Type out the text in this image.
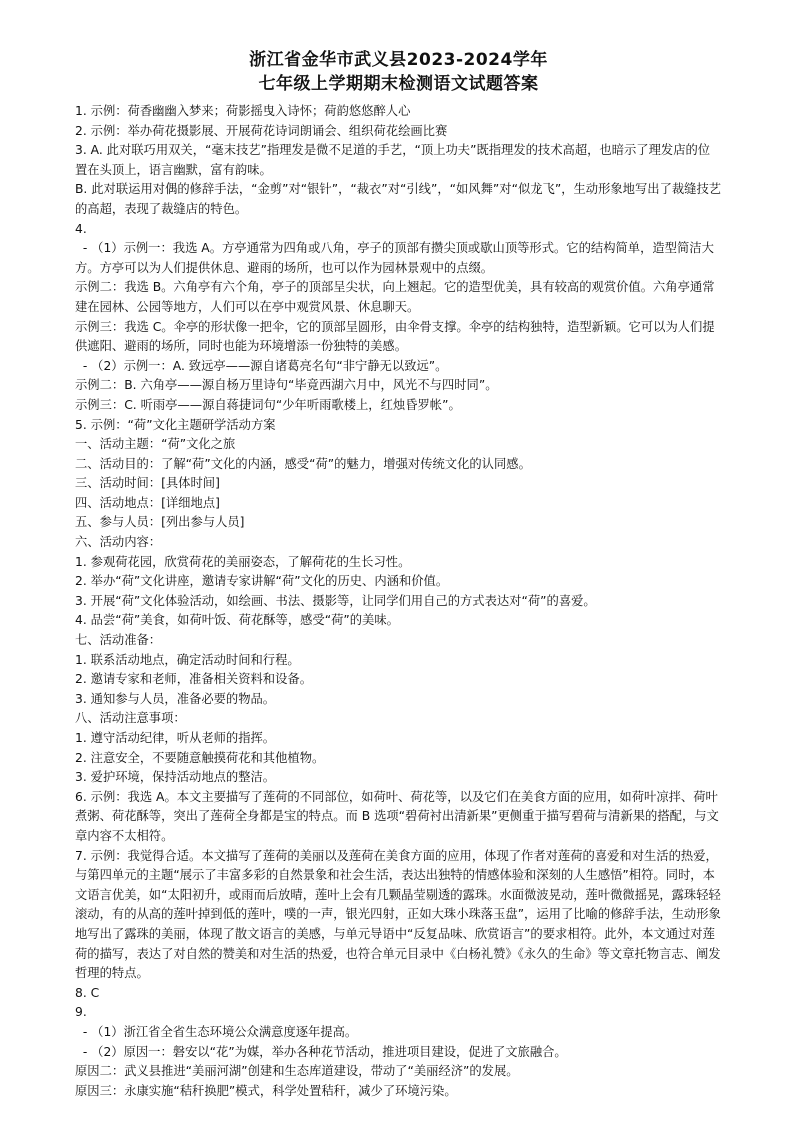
浙江省金华市武义县2023-2024学年
七年级上学期期末检测语文试题答案
1. 示例：荷香幽幽入梦来；荷影摇曳入诗怀；荷韵悠悠醉人心
2. 示例：举办荷花摄影展、开展荷花诗词朗诵会、组织荷花绘画比赛
3. A. 此对联巧用双关，“毫末技艺”指理发是微不足道的手艺，“顶上功夫”既指理发的技术高超，也暗示了理发店的位置在头顶上，语言幽默，富有韵味。
B. 此对联运用对偶的修辞手法，“金剪”对“银针”，“裁衣”对“引线”，“如风舞”对“似龙飞”，生动形象地写出了裁缝技艺的高超，表现了裁缝店的特色。
4.
- （1）示例一：我选 A。方亭通常为四角或八角，亭子的顶部有攒尖顶或歇山顶等形式。它的结构简单，造型简洁大方。方亭可以为人们提供休息、避雨的场所，也可以作为园林景观中的点缀。
示例二：我选 B。六角亭有六个角，亭子的顶部呈尖状，向上翘起。它的造型优美，具有较高的观赏价值。六角亭通常建在园林、公园等地方，人们可以在亭中观赏风景、休息聊天。
示例三：我选 C。伞亭的形状像一把伞，它的顶部呈圆形，由伞骨支撑。伞亭的结构独特，造型新颖。它可以为人们提供遮阳、避雨的场所，同时也能为环境增添一份独特的美感。
- （2）示例一：A. 致远亭——源自诸葛亮名句“非宁静无以致远”。
示例二：B. 六角亭——源自杨万里诗句“毕竟西湖六月中，风光不与四时同”。
示例三：C. 听雨亭——源自蒋捷词句“少年听雨歌楼上，红烛昏罗帐”。
5. 示例：“荷”文化主题研学活动方案
一、活动主题：“荷”文化之旅
二、活动目的：了解“荷”文化的内涵，感受“荷”的魅力，增强对传统文化的认同感。
三、活动时间：[具体时间]
四、活动地点：[详细地点]
五、参与人员：[列出参与人员]
六、活动内容：
1. 参观荷花园，欣赏荷花的美丽姿态，了解荷花的生长习性。
2. 举办“荷”文化讲座，邀请专家讲解“荷”文化的历史、内涵和价值。
3. 开展“荷”文化体验活动，如绘画、书法、摄影等，让同学们用自己的方式表达对“荷”的喜爱。
4. 品尝“荷”美食，如荷叶饭、荷花酥等，感受“荷”的美味。
七、活动准备：
1. 联系活动地点，确定活动时间和行程。
2. 邀请专家和老师，准备相关资料和设备。
3. 通知参与人员，准备必要的物品。
八、活动注意事项：
1. 遵守活动纪律，听从老师的指挥。
2. 注意安全，不要随意触摸荷花和其他植物。
3. 爱护环境，保持活动地点的整洁。
6. 示例：我选 A。本文主要描写了莲荷的不同部位，如荷叶、荷花等，以及它们在美食方面的应用，如荷叶凉拌、荷叶煮粥、荷花酥等，突出了莲荷全身都是宝的特点。而 B 选项“碧荷衬出清新果”更侧重于描写碧荷与清新果的搭配，与文章内容不太相符。
7. 示例：我觉得合适。本文描写了莲荷的美丽以及莲荷在美食方面的应用，体现了作者对莲荷的喜爱和对生活的热爱，与第四单元的主题“展示了丰富多彩的自然景象和社会生活，表达出独特的情感体验和深刻的人生感悟”相符。同时，本文语言优美，如“太阳初升，或雨而后放晴，莲叶上会有几颗晶莹剔透的露珠。水面微波晃动，莲叶微微摇晃，露珠轻轻滚动，有的从高的莲叶掉到低的莲叶，噗的一声，银光四射，正如大珠小珠落玉盘”，运用了比喻的修辞手法，生动形象地写出了露珠的美丽，体现了散文语言的美感，与单元导语中“反复品味、欣赏语言”的要求相符。此外，本文通过对莲荷的描写，表达了对自然的赞美和对生活的热爱，也符合单元目录中《白杨礼赞》《永久的生命》等文章托物言志、阐发哲理的特点。
8. C
9.
- （1）浙江省全省生态环境公众满意度逐年提高。
- （2）原因一：磐安以“花”为媒，举办各种花节活动，推进项目建设，促进了文旅融合。
原因二：武义县推进“美丽河湖”创建和生态库道建设，带动了“美丽经济”的发展。
原因三：永康实施“秸秆换肥”模式，科学处置秸秆，减少了环境污染。
